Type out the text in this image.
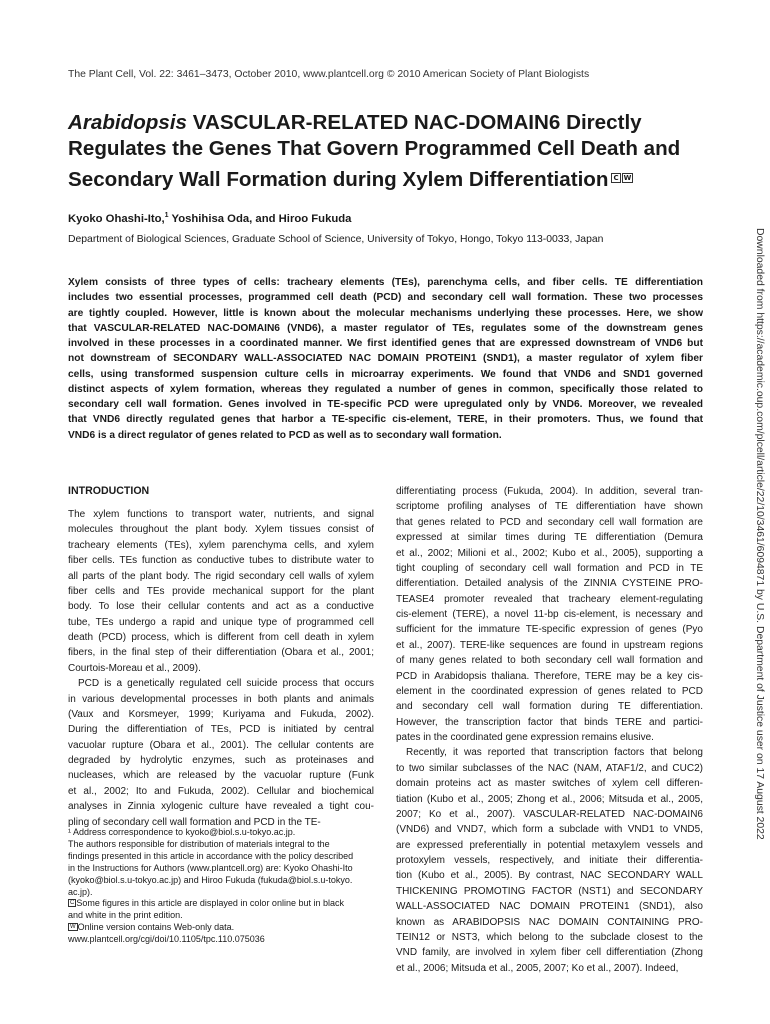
The Plant Cell, Vol. 22: 3461–3473, October 2010, www.plantcell.org © 2010 American Society of Plant Biologists
Arabidopsis VASCULAR-RELATED NAC-DOMAIN6 Directly
Regulates the Genes That Govern Programmed Cell Death and
Secondary Wall Formation during Xylem Differentiation C W
Kyoko Ohashi-Ito,$^1$ Yoshihisa Oda, and Hiroo Fukuda
Department of Biological Sciences, Graduate School of Science, University of Tokyo, Hongo, Tokyo 113-0033, Japan
Xylem consists of three types of cells: tracheary elements (TEs), parenchyma cells, and fiber cells. TE differentiation
includes two essential processes, programmed cell death (PCD) and secondary cell wall formation. These two processes
are tightly coupled. However, little is known about the molecular mechanisms underlying these processes. Here, we show
that VASCULAR-RELATED NAC-DOMAIN6 (VND6), a master regulator of TEs, regulates some of the downstream genes
involved in these processes in a coordinated manner. We first identified genes that are expressed downstream of VND6 but
not downstream of SECONDARY WALL-ASSOCIATED NAC DOMAIN PROTEIN1 (SND1), a master regulator of xylem fiber
cells, using transformed suspension culture cells in microarray experiments. We found that VND6 and SND1 governed
distinct aspects of xylem formation, whereas they regulated a number of genes in common, specifically those related to
secondary cell wall formation. Genes involved in TE-specific PCD were upregulated only by VND6. Moreover, we revealed
that VND6 directly regulated genes that harbor a TE-specific cis-element, TERE, in their promoters. Thus, we found that
VND6 is a direct regulator of genes related to PCD as well as to secondary wall formation.
INTRODUCTION
The xylem functions to transport water, nutrients, and signal
molecules throughout the plant body. Xylem tissues consist of
tracheary elements (TEs), xylem parenchyma cells, and xylem
fiber cells. TEs function as conductive tubes to distribute water to
all parts of the plant body. The rigid secondary cell walls of xylem
fiber cells and TEs provide mechanical support for the plant
body. To lose their cellular contents and act as a conductive
tube, TEs undergo a rapid and unique type of programmed cell
death (PCD) process, which is different from cell death in xylem
fibers, in the final step of their differentiation (Obara et al., 2001;
Courtois-Moreau et al., 2009).
PCD is a genetically regulated cell suicide process that occurs
in various developmental processes in both plants and animals
(Vaux and Korsmeyer, 1999; Kuriyama and Fukuda, 2002).
During the differentiation of TEs, PCD is initiated by central
vacuolar rupture (Obara et al., 2001). The cellular contents are
degraded by hydrolytic enzymes, such as proteinases and
nucleases, which are released by the vacuolar rupture (Funk
et al., 2002; Ito and Fukuda, 2002). Cellular and biochemical
analyses in Zinnia xylogenic culture have revealed a tight cou-
pling of secondary cell wall formation and PCD in the TE-
¹ Address correspondence to kyoko@biol.s.u-tokyo.ac.jp.
The authors responsible for distribution of materials integral to the
findings presented in this article in accordance with the policy described
in the Instructions for Authors (www.plantcell.org) are: Kyoko Ohashi-Ito
(kyoko@biol.s.u-tokyo.ac.jp) and Hiroo Fukuda (fukuda@biol.s.u-tokyo.
ac.jp).
C Some figures in this article are displayed in color online but in black
and white in the print edition.
W Online version contains Web-only data.
www.plantcell.org/cgi/doi/10.1105/tpc.110.075036
differentiating process (Fukuda, 2004). In addition, several tran-
scriptome profiling analyses of TE differentiation have shown
that genes related to PCD and secondary cell wall formation are
expressed at similar times during TE differentiation (Demura
et al., 2002; Milioni et al., 2002; Kubo et al., 2005), supporting a
tight coupling of secondary cell wall formation and PCD in TE
differentiation. Detailed analysis of the ZINNIA CYSTEINE PRO-
TEASE4 promoter revealed that tracheary element-regulating
cis-element (TERE), a novel 11-bp cis-element, is necessary and
sufficient for the immature TE-specific expression of genes (Pyo
et al., 2007). TERE-like sequences are found in upstream regions
of many genes related to both secondary cell wall formation and
PCD in Arabidopsis thaliana. Therefore, TERE may be a key cis-
element in the coordinated expression of genes related to PCD
and secondary cell wall formation during TE differentiation.
However, the transcription factor that binds TERE and partici-
pates in the coordinated gene expression remains elusive.
Recently, it was reported that transcription factors that belong
to two similar subclasses of the NAC (NAM, ATAF1/2, and CUC2)
domain proteins act as master switches of xylem cell differen-
tiation (Kubo et al., 2005; Zhong et al., 2006; Mitsuda et al., 2005,
2007; Ko et al., 2007). VASCULAR-RELATED NAC-DOMAIN6
(VND6) and VND7, which form a subclade with VND1 to VND5,
are expressed preferentially in potential metaxylem vessels and
protoxylem vessels, respectively, and initiate their differentia-
tion (Kubo et al., 2005). By contrast, NAC SECONDARY WALL
THICKENING PROMOTING FACTOR (NST1) and SECONDARY
WALL-ASSOCIATED NAC DOMAIN PROTEIN1 (SND1), also
known as ARABIDOPSIS NAC DOMAIN CONTAINING PRO-
TEIN12 or NST3, which belong to the subclade closest to the
VND family, are involved in xylem fiber cell differentiation (Zhong
et al., 2006; Mitsuda et al., 2005, 2007; Ko et al., 2007). Indeed,
Downloaded from https://academic.oup.com/plcell/article/22/10/3461/6094871 by U.S. Department of Justice user on 17 August 2022
